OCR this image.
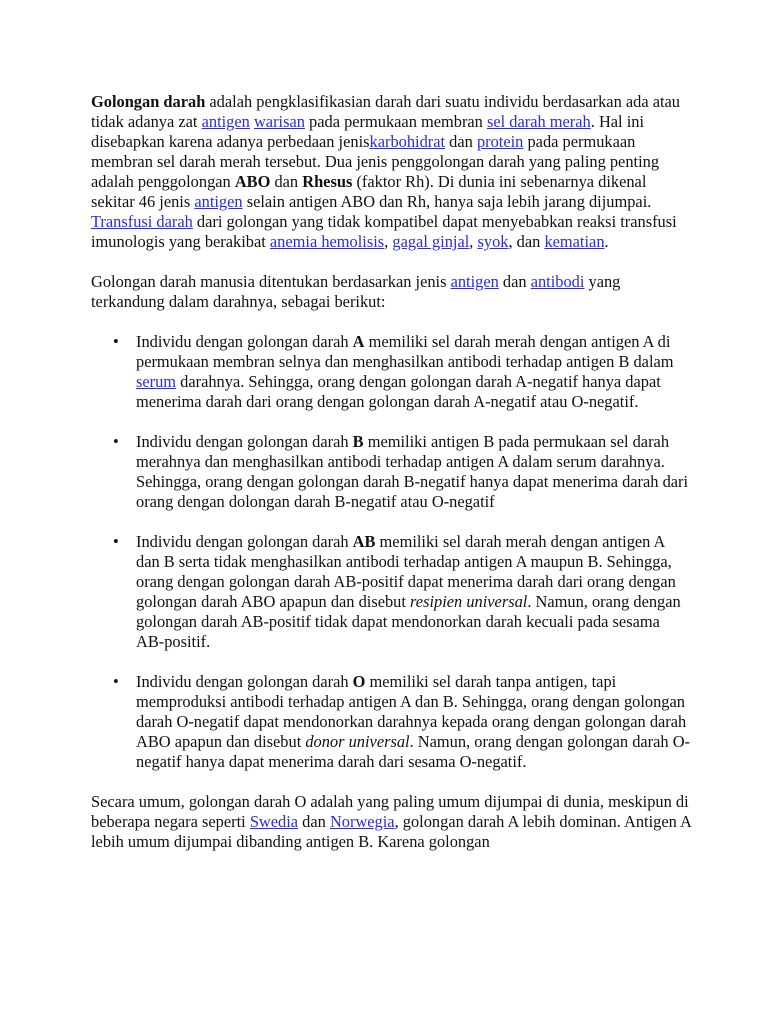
Golongan darah adalah pengklasifikasian darah dari suatu individu berdasarkan ada atau tidak adanya zat antigen warisan pada permukaan membran sel darah merah. Hal ini disebapkan karena adanya perbedaan jeniskarbohidrat dan protein pada permukaan membran sel darah merah tersebut. Dua jenis penggolongan darah yang paling penting adalah penggolongan ABO dan Rhesus (faktor Rh). Di dunia ini sebenarnya dikenal sekitar 46 jenis antigen selain antigen ABO dan Rh, hanya saja lebih jarang dijumpai. Transfusi darah dari golongan yang tidak kompatibel dapat menyebabkan reaksi transfusi imunologis yang berakibat anemia hemolisis, gagal ginjal, syok, dan kematian.

Golongan darah manusia ditentukan berdasarkan jenis antigen dan antibodi yang terkandung dalam darahnya, sebagai berikut:

• Individu dengan golongan darah A memiliki sel darah merah dengan antigen A di permukaan membran selnya dan menghasilkan antibodi terhadap antigen B dalam serum darahnya. Sehingga, orang dengan golongan darah A-negatif hanya dapat menerima darah dari orang dengan golongan darah A-negatif atau O-negatif.
• Individu dengan golongan darah B memiliki antigen B pada permukaan sel darah merahnya dan menghasilkan antibodi terhadap antigen A dalam serum darahnya. Sehingga, orang dengan golongan darah B-negatif hanya dapat menerima darah dari orang dengan dolongan darah B-negatif atau O-negatif
• Individu dengan golongan darah AB memiliki sel darah merah dengan antigen A dan B serta tidak menghasilkan antibodi terhadap antigen A maupun B. Sehingga, orang dengan golongan darah AB-positif dapat menerima darah dari orang dengan golongan darah ABO apapun dan disebut resipien universal. Namun, orang dengan golongan darah AB-positif tidak dapat mendonorkan darah kecuali pada sesama AB-positif.
• Individu dengan golongan darah O memiliki sel darah tanpa antigen, tapi memproduksi antibodi terhadap antigen A dan B. Sehingga, orang dengan golongan darah O-negatif dapat mendonorkan darahnya kepada orang dengan golongan darah ABO apapun dan disebut donor universal. Namun, orang dengan golongan darah O-negatif hanya dapat menerima darah dari sesama O-negatif.

Secara umum, golongan darah O adalah yang paling umum dijumpai di dunia, meskipun di beberapa negara seperti Swedia dan Norwegia, golongan darah A lebih dominan. Antigen A lebih umum dijumpai dibanding antigen B. Karena golongan
